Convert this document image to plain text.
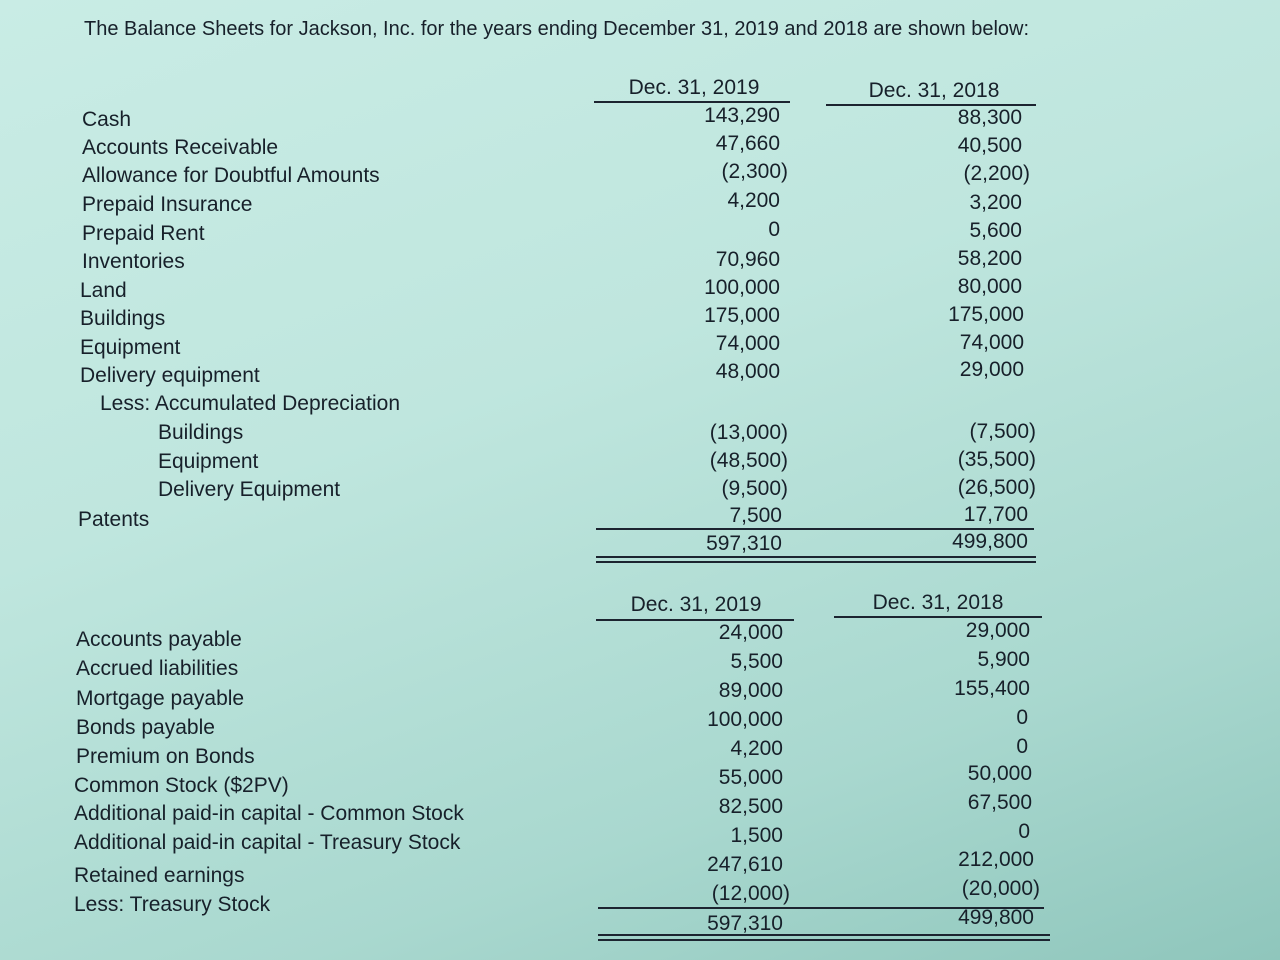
The Balance Sheets for Jackson, Inc. for the years ending December 31, 2019 and 2018 are shown below:
Dec. 31, 2019	Dec. 31, 2018
Cash	143,290	88,300
Accounts Receivable	47,660	40,500
Allowance for Doubtful Amounts	(2,300)	(2,200)
Prepaid Insurance	4,200	3,200
Prepaid Rent	0	5,600
Inventories	70,960	58,200
Land	100,000	80,000
Buildings	175,000	175,000
Equipment	74,000	74,000
Delivery equipment	48,000	29,000
Less: Accumulated Depreciation
Buildings	(13,000)	(7,500)
Equipment	(48,500)	(35,500)
Delivery Equipment	(9,500)	(26,500)
Patents	7,500	17,700
597,310	499,800
Dec. 31, 2019	Dec. 31, 2018
Accounts payable	24,000	29,000
Accrued liabilities	5,500	5,900
Mortgage payable	89,000	155,400
Bonds payable	100,000	0
Premium on Bonds	4,200	0
Common Stock ($2PV)	55,000	50,000
Additional paid-in capital - Common Stock	82,500	67,500
Additional paid-in capital - Treasury Stock	1,500	0
Retained earnings	247,610	212,000
Less: Treasury Stock	(12,000)	(20,000)
597,310	499,800
